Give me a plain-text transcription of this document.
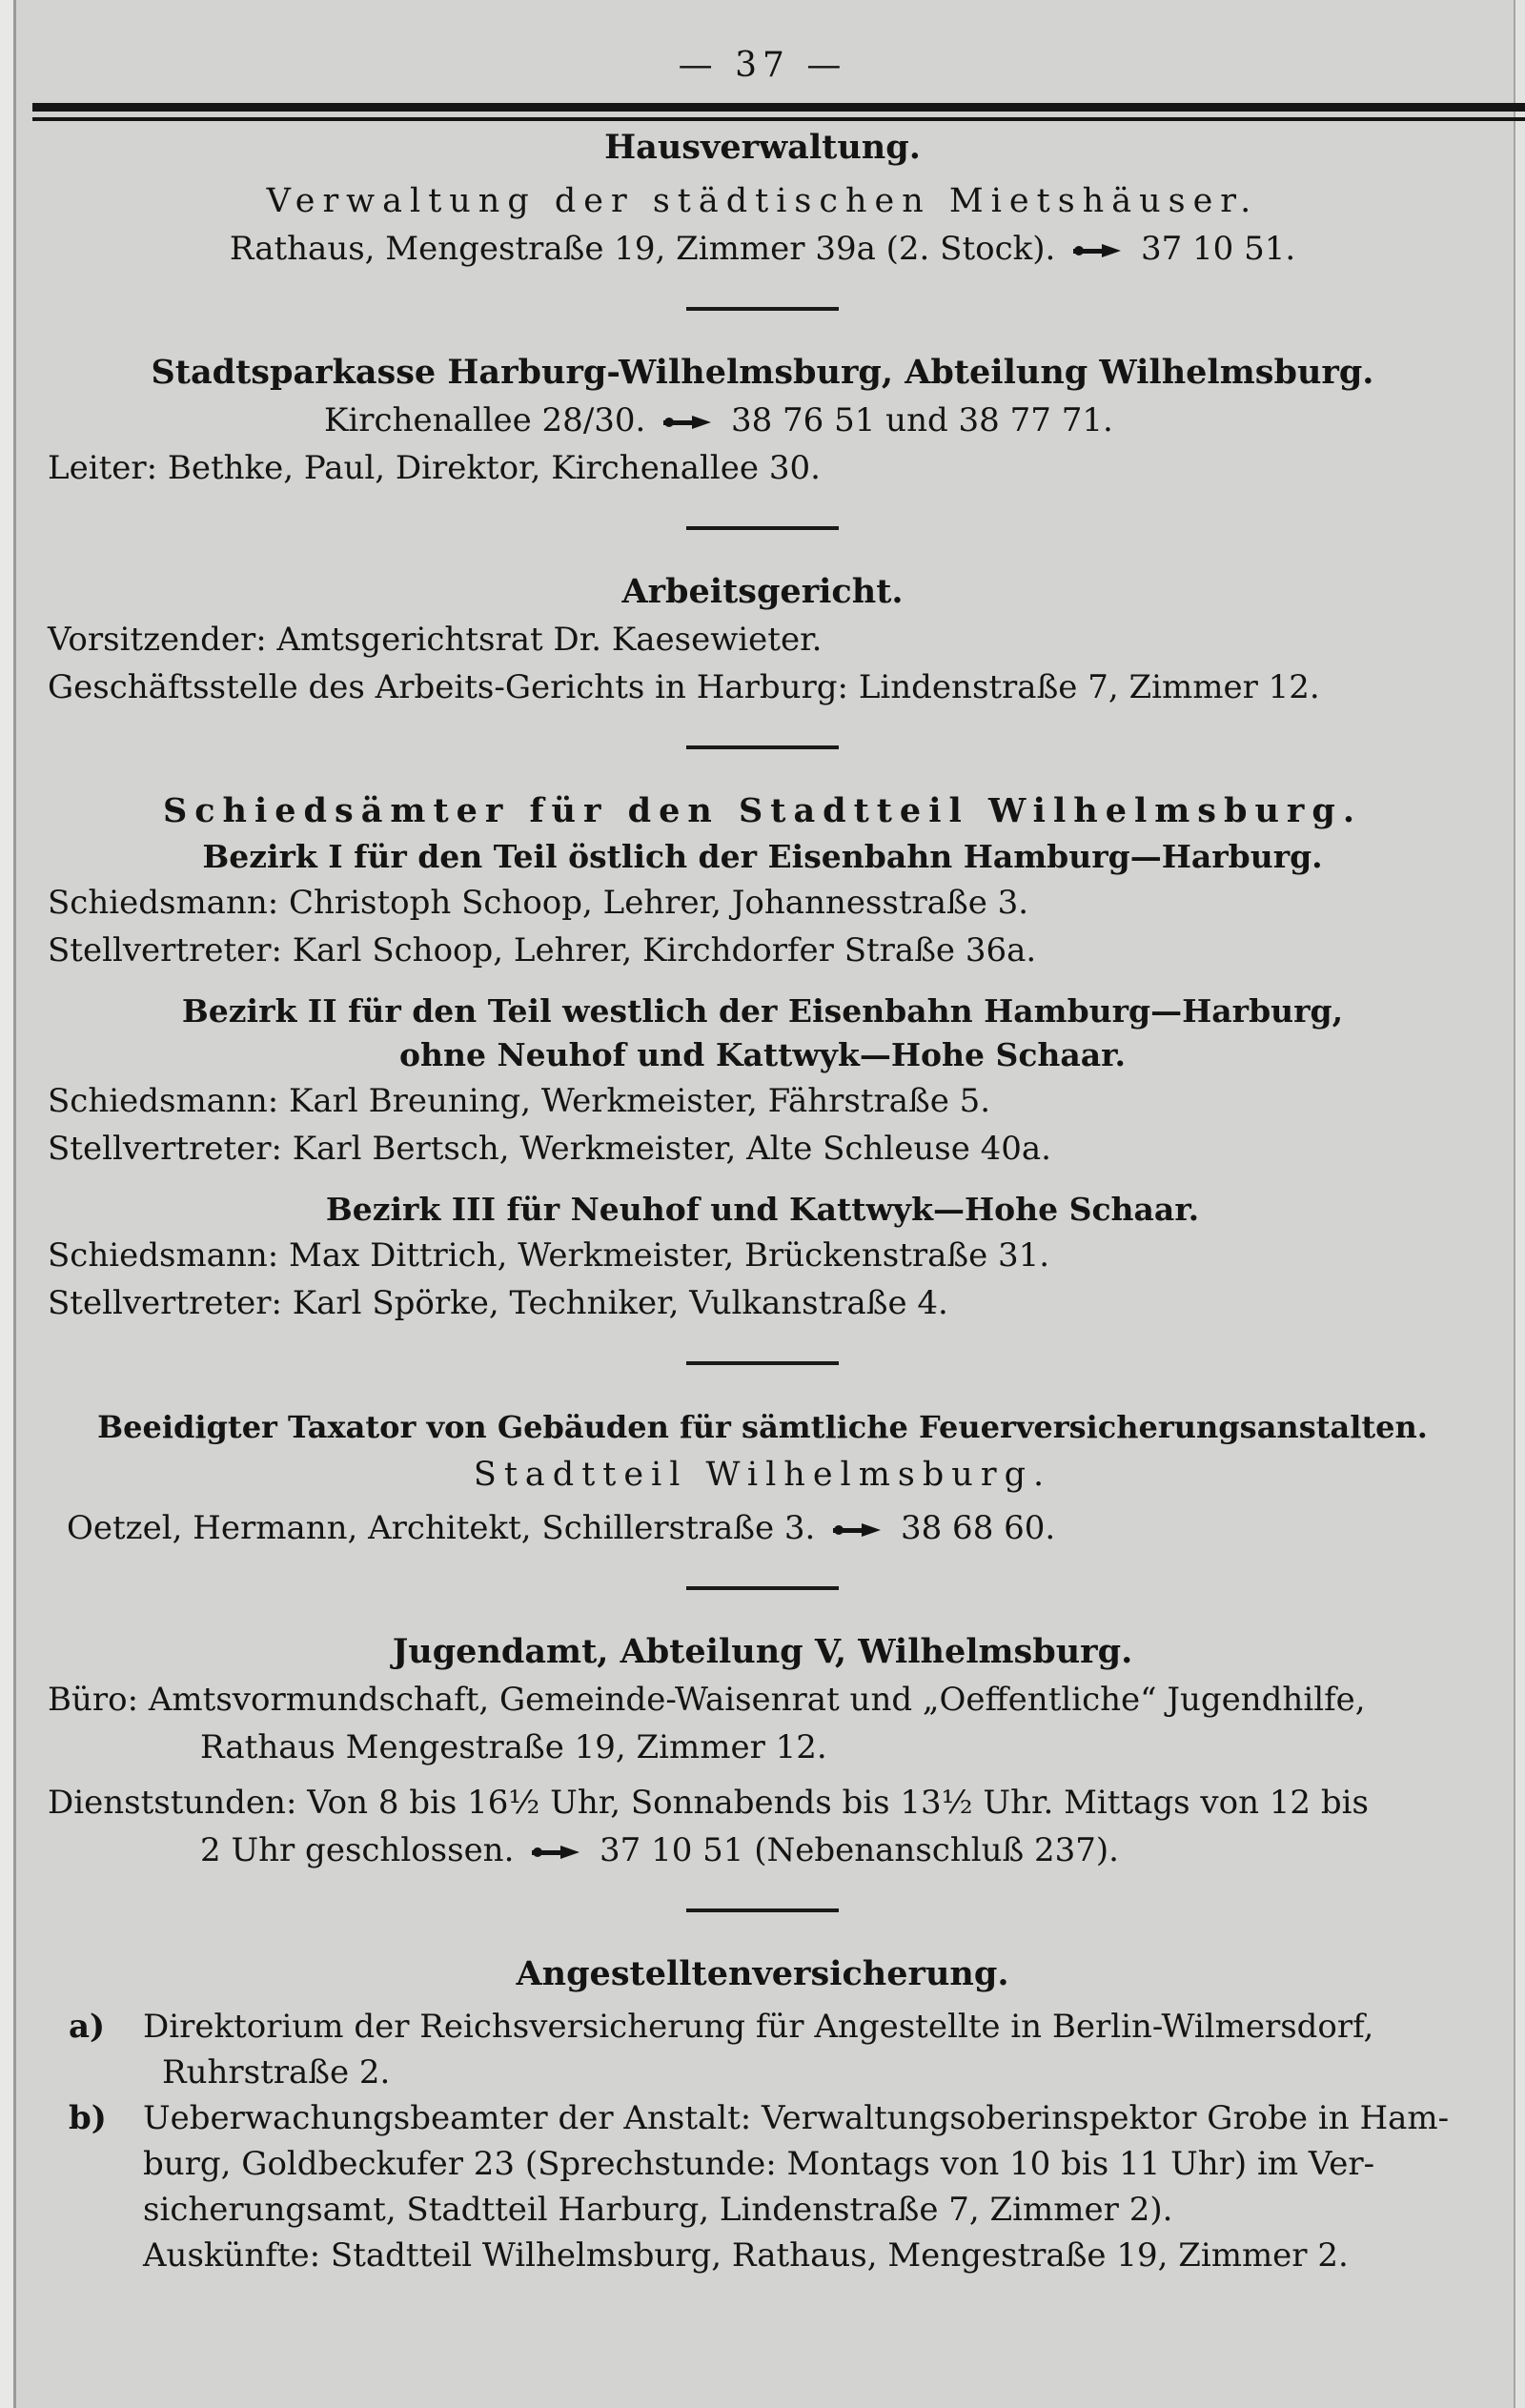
— 37 —
Hausverwaltung.
Verwaltung der städtischen Mietshäuser.
Rathaus, Mengestraße 19, Zimmer 39a (2. Stock).	37 10 51.
Stadtsparkasse Harburg-Wilhelmsburg, Abteilung Wilhelmsburg.
Kirchenallee 28/30.	38 76 51 und 38 77 71.
Leiter: Bethke, Paul, Direktor, Kirchenallee 30.
Arbeitsgericht.
Vorsitzender: Amtsgerichtsrat Dr. Kaesewieter.
Geschäftsstelle des Arbeits-Gerichts in Harburg: Lindenstraße 7, Zimmer 12.
Schiedsämter für den Stadtteil Wilhelmsburg.
Bezirk I für den Teil östlich der Eisenbahn Hamburg—Harburg.
Schiedsmann: Christoph Schoop, Lehrer, Johannesstraße 3.
Stellvertreter: Karl Schoop, Lehrer, Kirchdorfer Straße 36a.
Bezirk II für den Teil westlich der Eisenbahn Hamburg—Harburg,
ohne Neuhof und Kattwyk—Hohe Schaar.
Schiedsmann: Karl Breuning, Werkmeister, Fährstraße 5.
Stellvertreter: Karl Bertsch, Werkmeister, Alte Schleuse 40a.
Bezirk III für Neuhof und Kattwyk—Hohe Schaar.
Schiedsmann: Max Dittrich, Werkmeister, Brückenstraße 31.
Stellvertreter: Karl Spörke, Techniker, Vulkanstraße 4.
Beeidigter Taxator von Gebäuden für sämtliche Feuerversicherungsanstalten.
Stadtteil Wilhelmsburg.
Oetzel, Hermann, Architekt, Schillerstraße 3.	38 68 60.
Jugendamt, Abteilung V, Wilhelmsburg.
Büro: Amtsvormundschaft, Gemeinde-Waisenrat und „Oeffentliche“ Jugendhilfe,
Rathaus Mengestraße 19, Zimmer 12.
Dienststunden: Von 8 bis 16½ Uhr, Sonnabends bis 13½ Uhr. Mittags von 12 bis
2 Uhr geschlossen.	37 10 51 (Nebenanschluß 237).
Angestelltenversicherung.
a) Direktorium der Reichsversicherung für Angestellte in Berlin-Wilmersdorf,
Ruhrstraße 2.
b) Ueberwachungsbeamter der Anstalt: Verwaltungsoberinspektor Grobe in Ham-
burg, Goldbeckufer 23 (Sprechstunde: Montags von 10 bis 11 Uhr) im Ver-
sicherungsamt, Stadtteil Harburg, Lindenstraße 7, Zimmer 2).
Auskünfte: Stadtteil Wilhelmsburg, Rathaus, Mengestraße 19, Zimmer 2.
